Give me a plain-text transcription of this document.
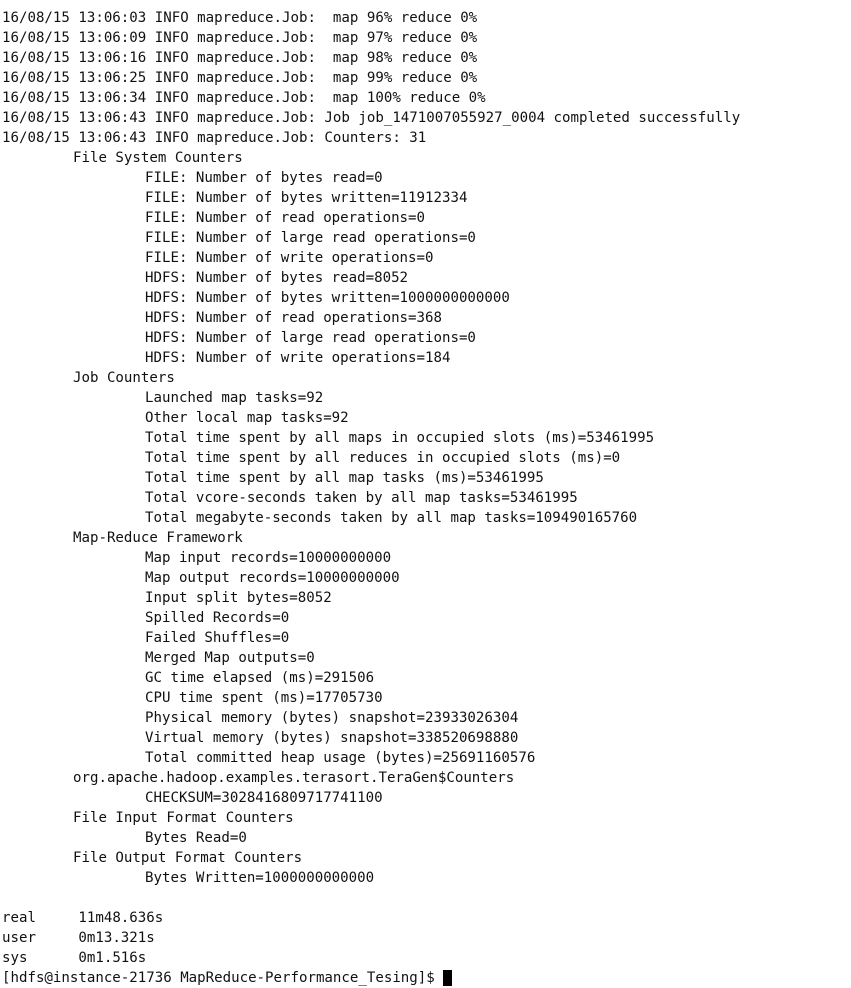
16/08/15 13:06:03 INFO mapreduce.Job:  map 96% reduce 0%
16/08/15 13:06:09 INFO mapreduce.Job:  map 97% reduce 0%
16/08/15 13:06:16 INFO mapreduce.Job:  map 98% reduce 0%
16/08/15 13:06:25 INFO mapreduce.Job:  map 99% reduce 0%
16/08/15 13:06:34 INFO mapreduce.Job:  map 100% reduce 0%
16/08/15 13:06:43 INFO mapreduce.Job: Job job_1471007055927_0004 completed successfully
16/08/15 13:06:43 INFO mapreduce.Job: Counters: 31
File System Counters
FILE: Number of bytes read=0
FILE: Number of bytes written=11912334
FILE: Number of read operations=0
FILE: Number of large read operations=0
FILE: Number of write operations=0
HDFS: Number of bytes read=8052
HDFS: Number of bytes written=1000000000000
HDFS: Number of read operations=368
HDFS: Number of large read operations=0
HDFS: Number of write operations=184
Job Counters
Launched map tasks=92
Other local map tasks=92
Total time spent by all maps in occupied slots (ms)=53461995
Total time spent by all reduces in occupied slots (ms)=0
Total time spent by all map tasks (ms)=53461995
Total vcore-seconds taken by all map tasks=53461995
Total megabyte-seconds taken by all map tasks=109490165760
Map-Reduce Framework
Map input records=10000000000
Map output records=10000000000
Input split bytes=8052
Spilled Records=0
Failed Shuffles=0
Merged Map outputs=0
GC time elapsed (ms)=291506
CPU time spent (ms)=17705730
Physical memory (bytes) snapshot=23933026304
Virtual memory (bytes) snapshot=338520698880
Total committed heap usage (bytes)=25691160576
org.apache.hadoop.examples.terasort.TeraGen$Counters
CHECKSUM=3028416809717741100
File Input Format Counters
Bytes Read=0
File Output Format Counters
Bytes Written=1000000000000
real	11m48.636s
user	0m13.321s
sys	0m1.516s
[hdfs@instance-21736 MapReduce-Performance_Tesing]$
